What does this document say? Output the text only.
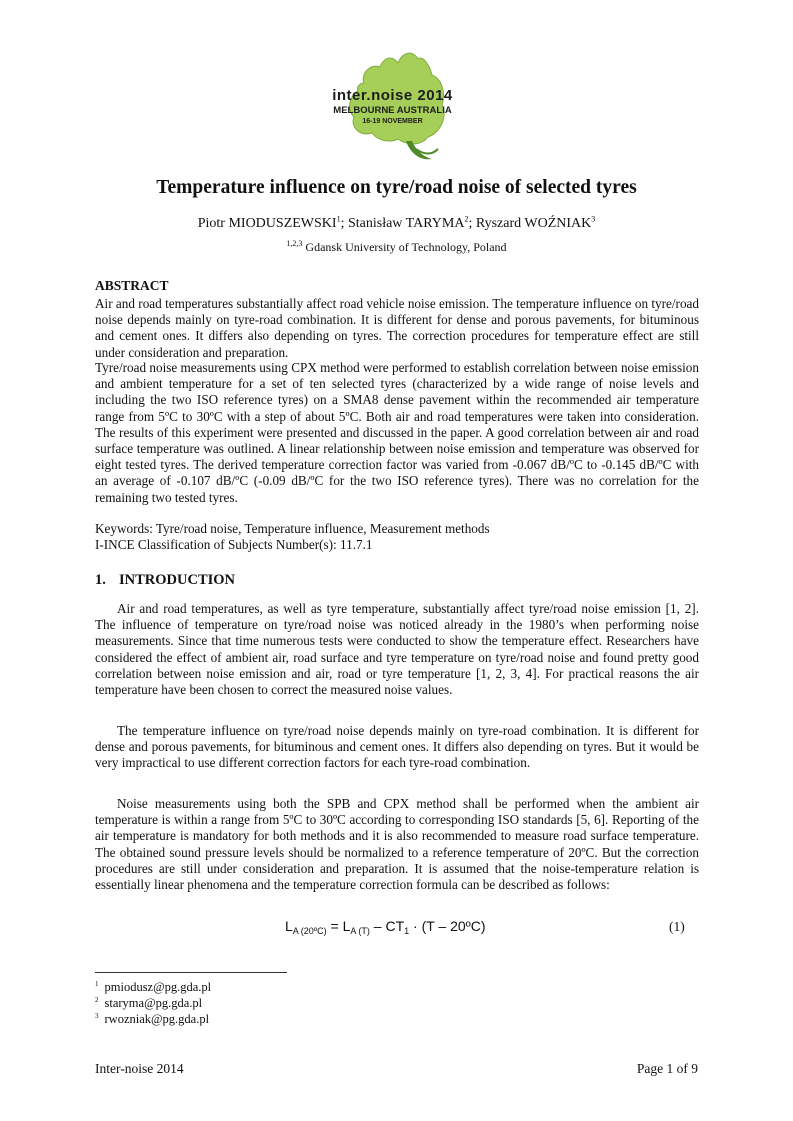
inter.noise 2014
MELBOURNE AUSTRALIA
16-19 NOVEMBER
Temperature influence on tyre/road noise of selected tyres
Piotr MIODUSZEWSKI$^1$; Stanisław TARYMA$^2$; Ryszard WOŹNIAK$^3$
$^{1,2,3}$ Gdansk University of Technology, Poland
ABSTRACT

Air and road temperatures substantially affect road vehicle noise emission. The temperature influence on tyre/road noise depends mainly on tyre-road combination. It is different for dense and porous pavements, for bituminous and cement ones. It differs also depending on tyres. The correction procedures for temperature effect are still under consideration and preparation.

Tyre/road noise measurements using CPX method were performed to establish correlation between noise emission and ambient temperature for a set of ten selected tyres (characterized by a wide range of noise levels and including the two ISO reference tyres) on a SMA8 dense pavement within the recommended air temperature range from 5ºC to 30ºC with a step of about 5ºC. Both air and road temperatures were taken into consideration. The results of this experiment were presented and discussed in the paper. A good correlation between air and road surface temperature was outlined. A linear relationship between noise emission and temperature was observed for eight tested tyres. The derived temperature correction factor was varied from -0.067 dB/ºC to -0.145 dB/ºC with an average of -0.107 dB/ºC (-0.09 dB/ºC for the two ISO reference tyres). There was no correlation for the remaining two tested tyres.

Keywords: Tyre/road noise, Temperature influence, Measurement methods

I-INCE Classification of Subjects Number(s): 11.7.1

1. INTRODUCTION

Air and road temperatures, as well as tyre temperature, substantially affect tyre/road noise emission [1, 2]. The influence of temperature on tyre/road noise was noticed already in the 1980’s when performing noise measurements. Since that time numerous tests were conducted to show the temperature effect. Researchers have considered the effect of ambient air, road surface and tyre temperature on tyre/road noise and found pretty good correlation between noise emission and air, road or tyre temperature [1, 2, 3, 4]. For practical reasons the air temperature have been chosen to correct the measured noise values.

The temperature influence on tyre/road noise depends mainly on tyre-road combination. It is different for dense and porous pavements, for bituminous and cement ones. It differs also depending on tyres. But it would be very impractical to use different correction factors for each tyre-road combination.

Noise measurements using both the SPB and CPX method shall be performed when the ambient air temperature is within a range from 5ºC to 30ºC according to corresponding ISO standards [5, 6]. Reporting of the air temperature is mandatory for both methods and it is also recommended to measure road surface temperature. The obtained sound pressure levels should be normalized to a reference temperature of 20ºC. But the correction procedures are still under consideration and preparation. It is assumed that the noise-temperature relation is essentially linear phenomena and the temperature correction formula can be described as follows:

$L_{A (20ºC)} = L_{A (T)} - CT_1 \cdot (T$ – 20ºC)	(1)
$^1$ pmiodusz@pg.gda.pl
$^2$ staryma@pg.gda.pl
$^3$ rwozniak@pg.gda.pl
Inter-noise 2014	Page 1 of 9
